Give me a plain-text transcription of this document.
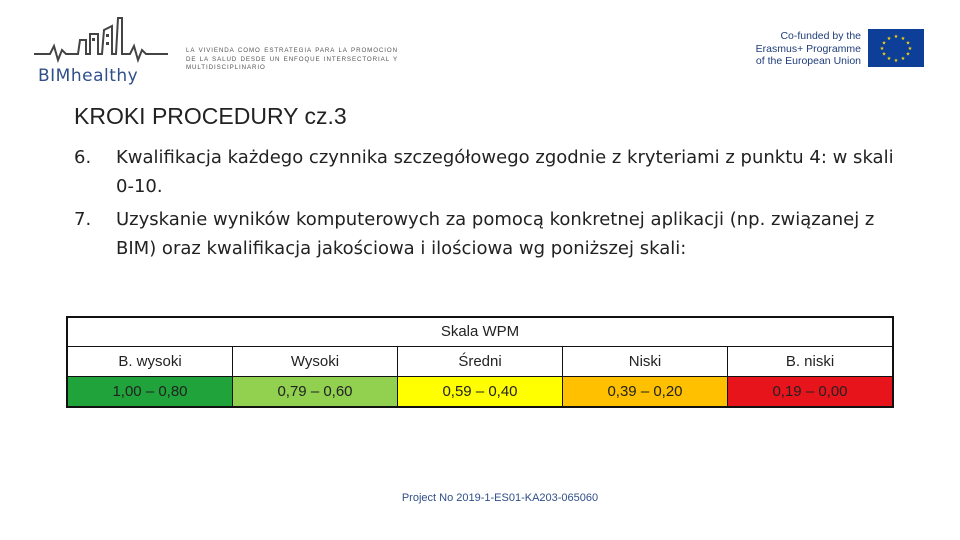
BIMhealthy
LA VIVIENDA COMO ESTRATEGIA PARA LA PROMOCION DE LA SALUD DESDE UN ENFOQUE INTERSECTORIAL Y MULTIDISCIPLINARIO
Co-funded by the
Erasmus+ Programme
of the European Union
★ ★
★
★
★
★
★
★
★
★
★
★
KROKI PROCEDURY cz.3
6.	Kwalifikacja każdego czynnika szczegółowego zgodnie z kryteriami z punktu 4: w skali 0-10.
7.	Uzyskanie wyników komputerowych za pomocą konkretnej aplikacji (np. związanej z BIM) oraz kwalifikacja jakościowa i ilościowa wg poniższej skali:
Skala WPM
B. wysoki	Wysoki	Średni	Niski	B. niski
1,00 – 0,80	0,79 – 0,60	0,59 – 0,40	0,39 – 0,20	0,19 – 0,00
Project No 2019-1-ES01-KA203-065060
